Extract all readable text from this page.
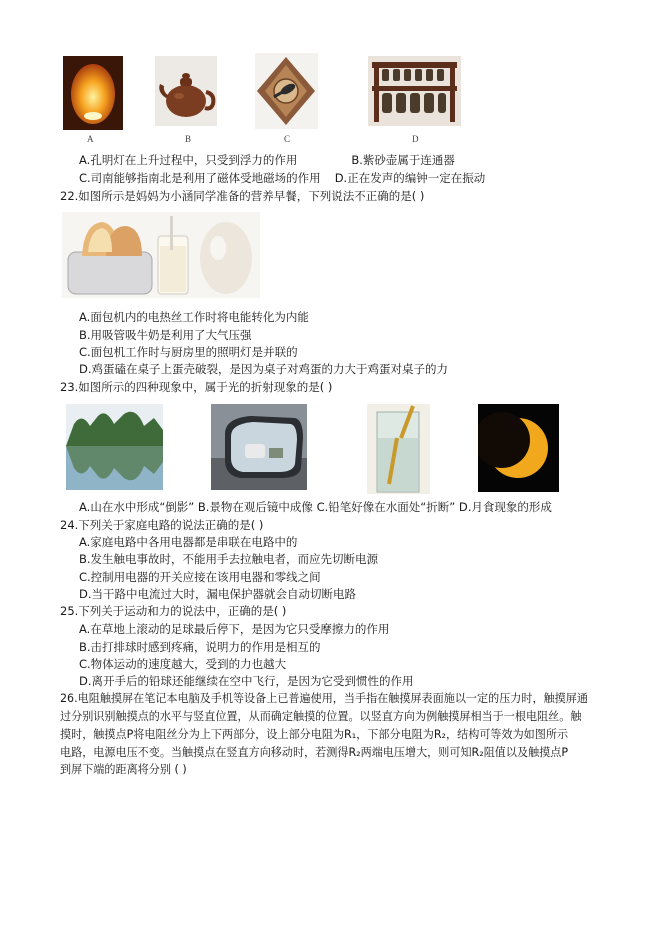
A	B	C	D
A.孔明灯在上升过程中，只受到浮力的作用	B.紫砂壶属于连通器
C.司南能够指南北是利用了磁体受地磁场的作用 D.正在发声的编钟一定在振动
22.如图所示是妈妈为小涵同学准备的营养早餐，下列说法不正确的是( )
A.面包机内的电热丝工作时将电能转化为内能
B.用吸管吸牛奶是利用了大气压强
C.面包机工作时与厨房里的照明灯是并联的
D.鸡蛋磕在桌子上蛋壳破裂，是因为桌子对鸡蛋的力大于鸡蛋对桌子的力
23.如图所示的四种现象中，属于光的折射现象的是( )
A.山在水中形成“倒影” B.景物在观后镜中成像 C.铅笔好像在水面处“折断” D.月食现象的形成
24.下列关于家庭电路的说法正确的是( )
A.家庭电路中各用电器都是串联在电路中的
B.发生触电事故时，不能用手去拉触电者，而应先切断电源
C.控制用电器的开关应接在该用电器和零线之间
D.当干路中电流过大时，漏电保护器就会自动切断电路
25.下列关于运动和力的说法中，正确的是( )
A.在草地上滚动的足球最后停下，是因为它只受摩擦力的作用
B.击打排球时感到疼痛，说明力的作用是相互的
C.物体运动的速度越大，受到的力也越大
D.离开手后的铅球还能继续在空中飞行，是因为它受到惯性的作用
26.电阻触摸屏在笔记本电脑及手机等设备上已普遍使用，当手指在触摸屏表面施以一定的压力时，触摸屏通
过分别识别触摸点的水平与竖直位置，从而确定触摸的位置。以竖直方向为例触摸屏相当于一根电阻丝。触
摸时，触摸点P将电阻丝分为上下两部分，设上部分电阻为R₁，下部分电阻为R₂，结构可等效为如图所示
电路，电源电压不变。当触摸点在竖直方向移动时，若测得R₂两端电压增大，则可知R₂阻值以及触摸点P
到屏下端的距离将分别 ( )
